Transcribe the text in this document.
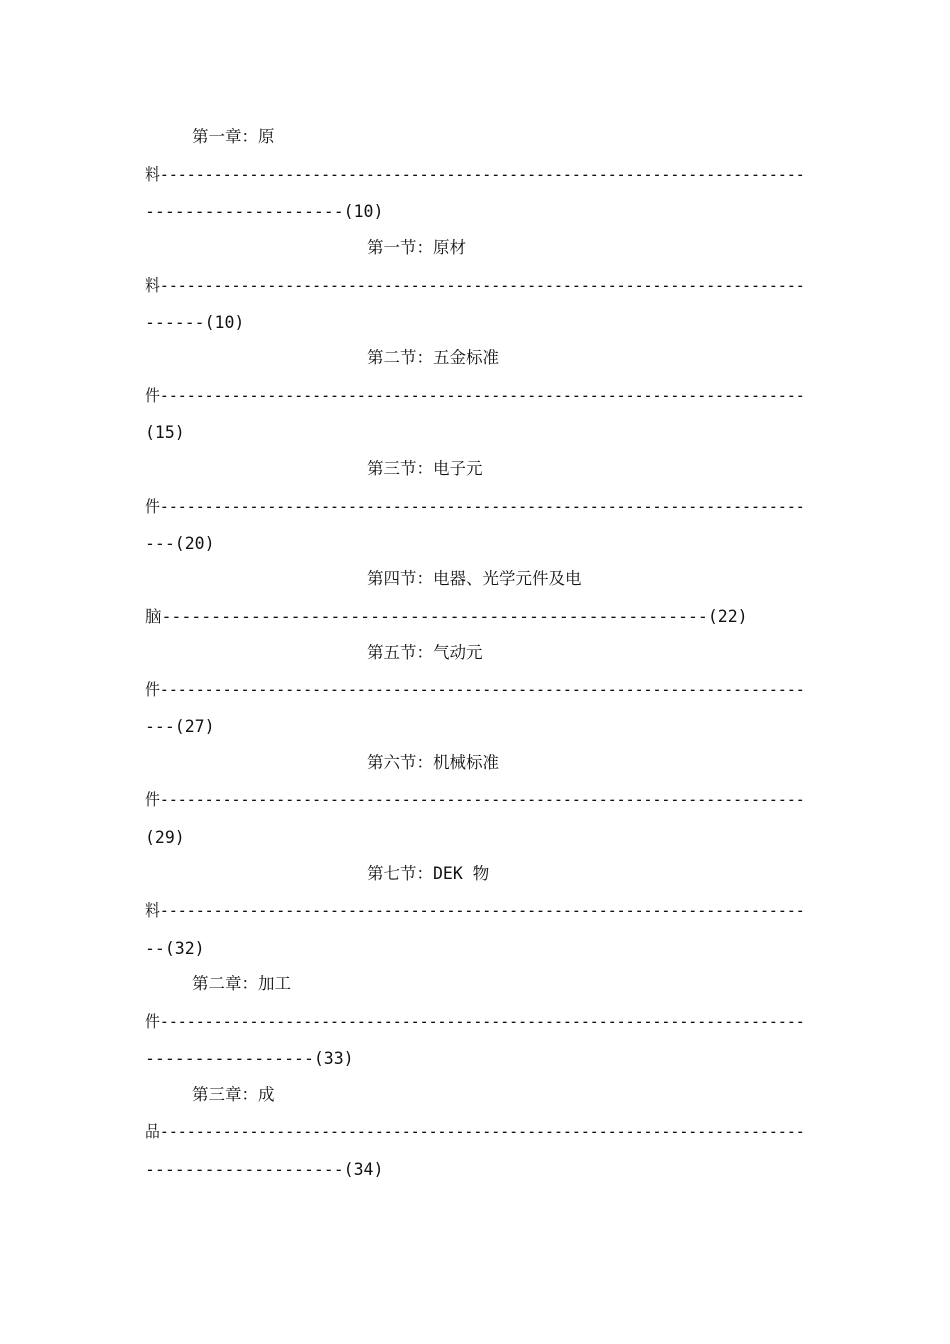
第一章：原
料------------------------------------------------------------------------
--------------------(10)
第一节：原材
料------------------------------------------------------------------------
------(10)
第二节：五金标准
件------------------------------------------------------------------------
(15)
第三节：电子元
件------------------------------------------------------------------------
---(20)
第四节：电器、光学元件及电
脑-------------------------------------------------------(22)
第五节：气动元
件------------------------------------------------------------------------
---(27)
第六节：机械标准
件------------------------------------------------------------------------
(29)
第七节：DEK 物
料------------------------------------------------------------------------
--(32)
第二章：加工
件------------------------------------------------------------------------
-----------------(33)
第三章：成
品------------------------------------------------------------------------
--------------------(34)
